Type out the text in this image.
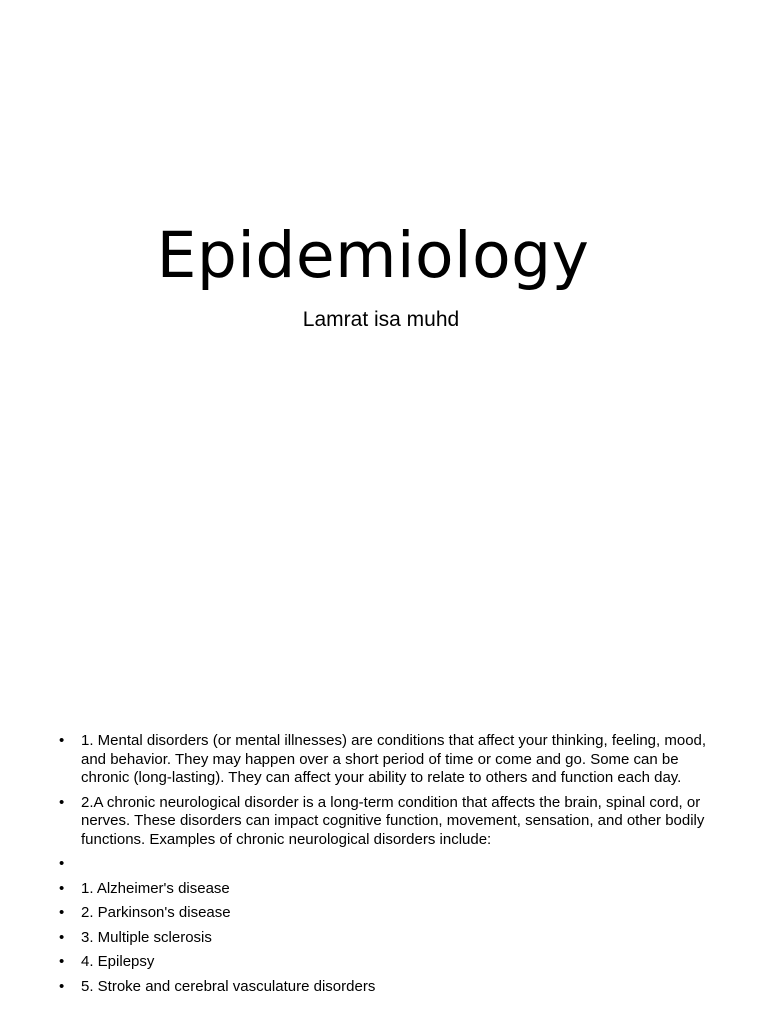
Epidemiology

Lamrat isa muhd

• 1. Mental disorders (or mental illnesses) are conditions that affect your thinking, feeling, mood, and behavior. They may happen over a short period of time or come and go. Some can be chronic (long-lasting). They can affect your ability to relate to others and function each day.
• 2.A chronic neurological disorder is a long-term condition that affects the brain, spinal cord, or nerves. These disorders can impact cognitive function, movement, sensation, and other bodily functions. Examples of chronic neurological disorders include:
•
• 1. Alzheimer's disease
• 2. Parkinson's disease
• 3. Multiple sclerosis
• 4. Epilepsy
• 5. Stroke and cerebral vasculature disorders
